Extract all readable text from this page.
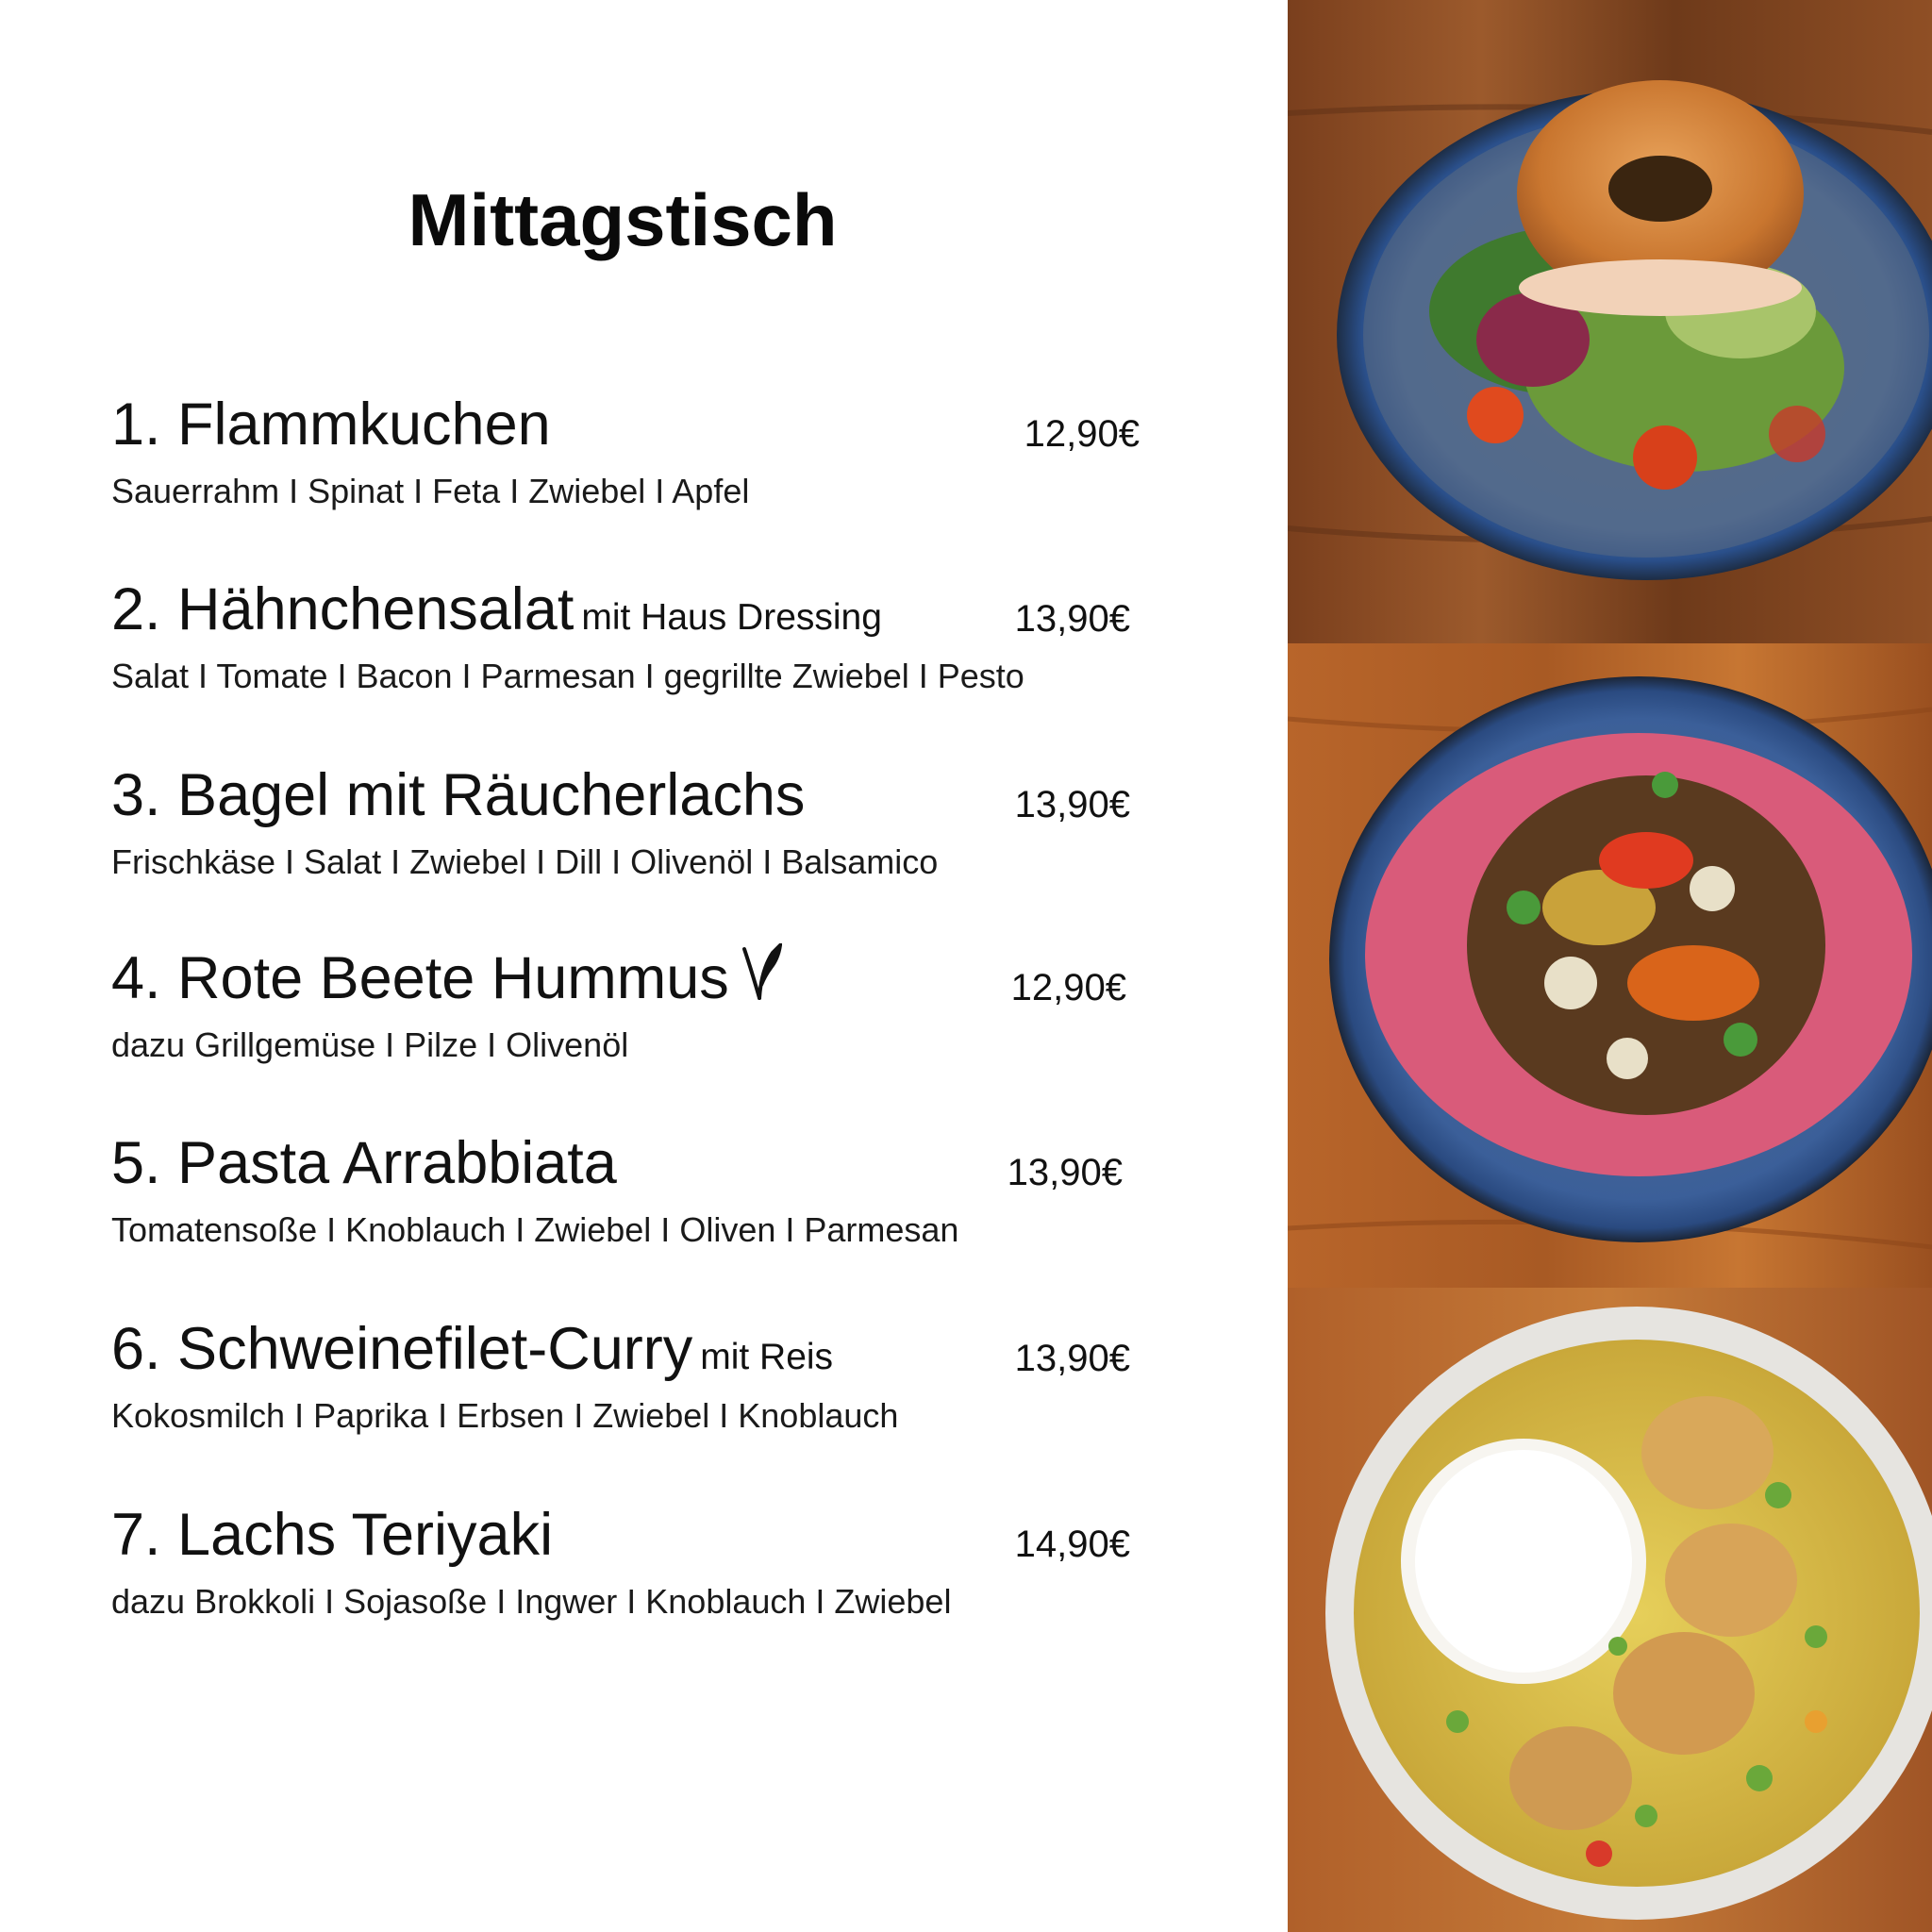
Mittagstisch
1. Flammkuchen	12,90€
Sauerrahm I Spinat I Feta I Zwiebel I Apfel
2. Hähnchensalat mit Haus Dressing	13,90€
Salat I Tomate I Bacon I Parmesan I gegrillte Zwiebel I Pesto
3. Bagel mit Räucherlachs	13,90€
Frischkäse I Salat I Zwiebel I Dill I Olivenöl I Balsamico
4. Rote Beete Hummus	12,90€
dazu Grillgemüse I Pilze I Olivenöl
5. Pasta Arrabbiata	13,90€
Tomatensoße I Knoblauch I Zwiebel I Oliven I Parmesan
6. Schweinefilet-Curry mit Reis	13,90€
Kokosmilch I Paprika I Erbsen I Zwiebel I Knoblauch
7. Lachs Teriyaki	14,90€
dazu Brokkoli I Sojasoße I Ingwer I Knoblauch I Zwiebel
